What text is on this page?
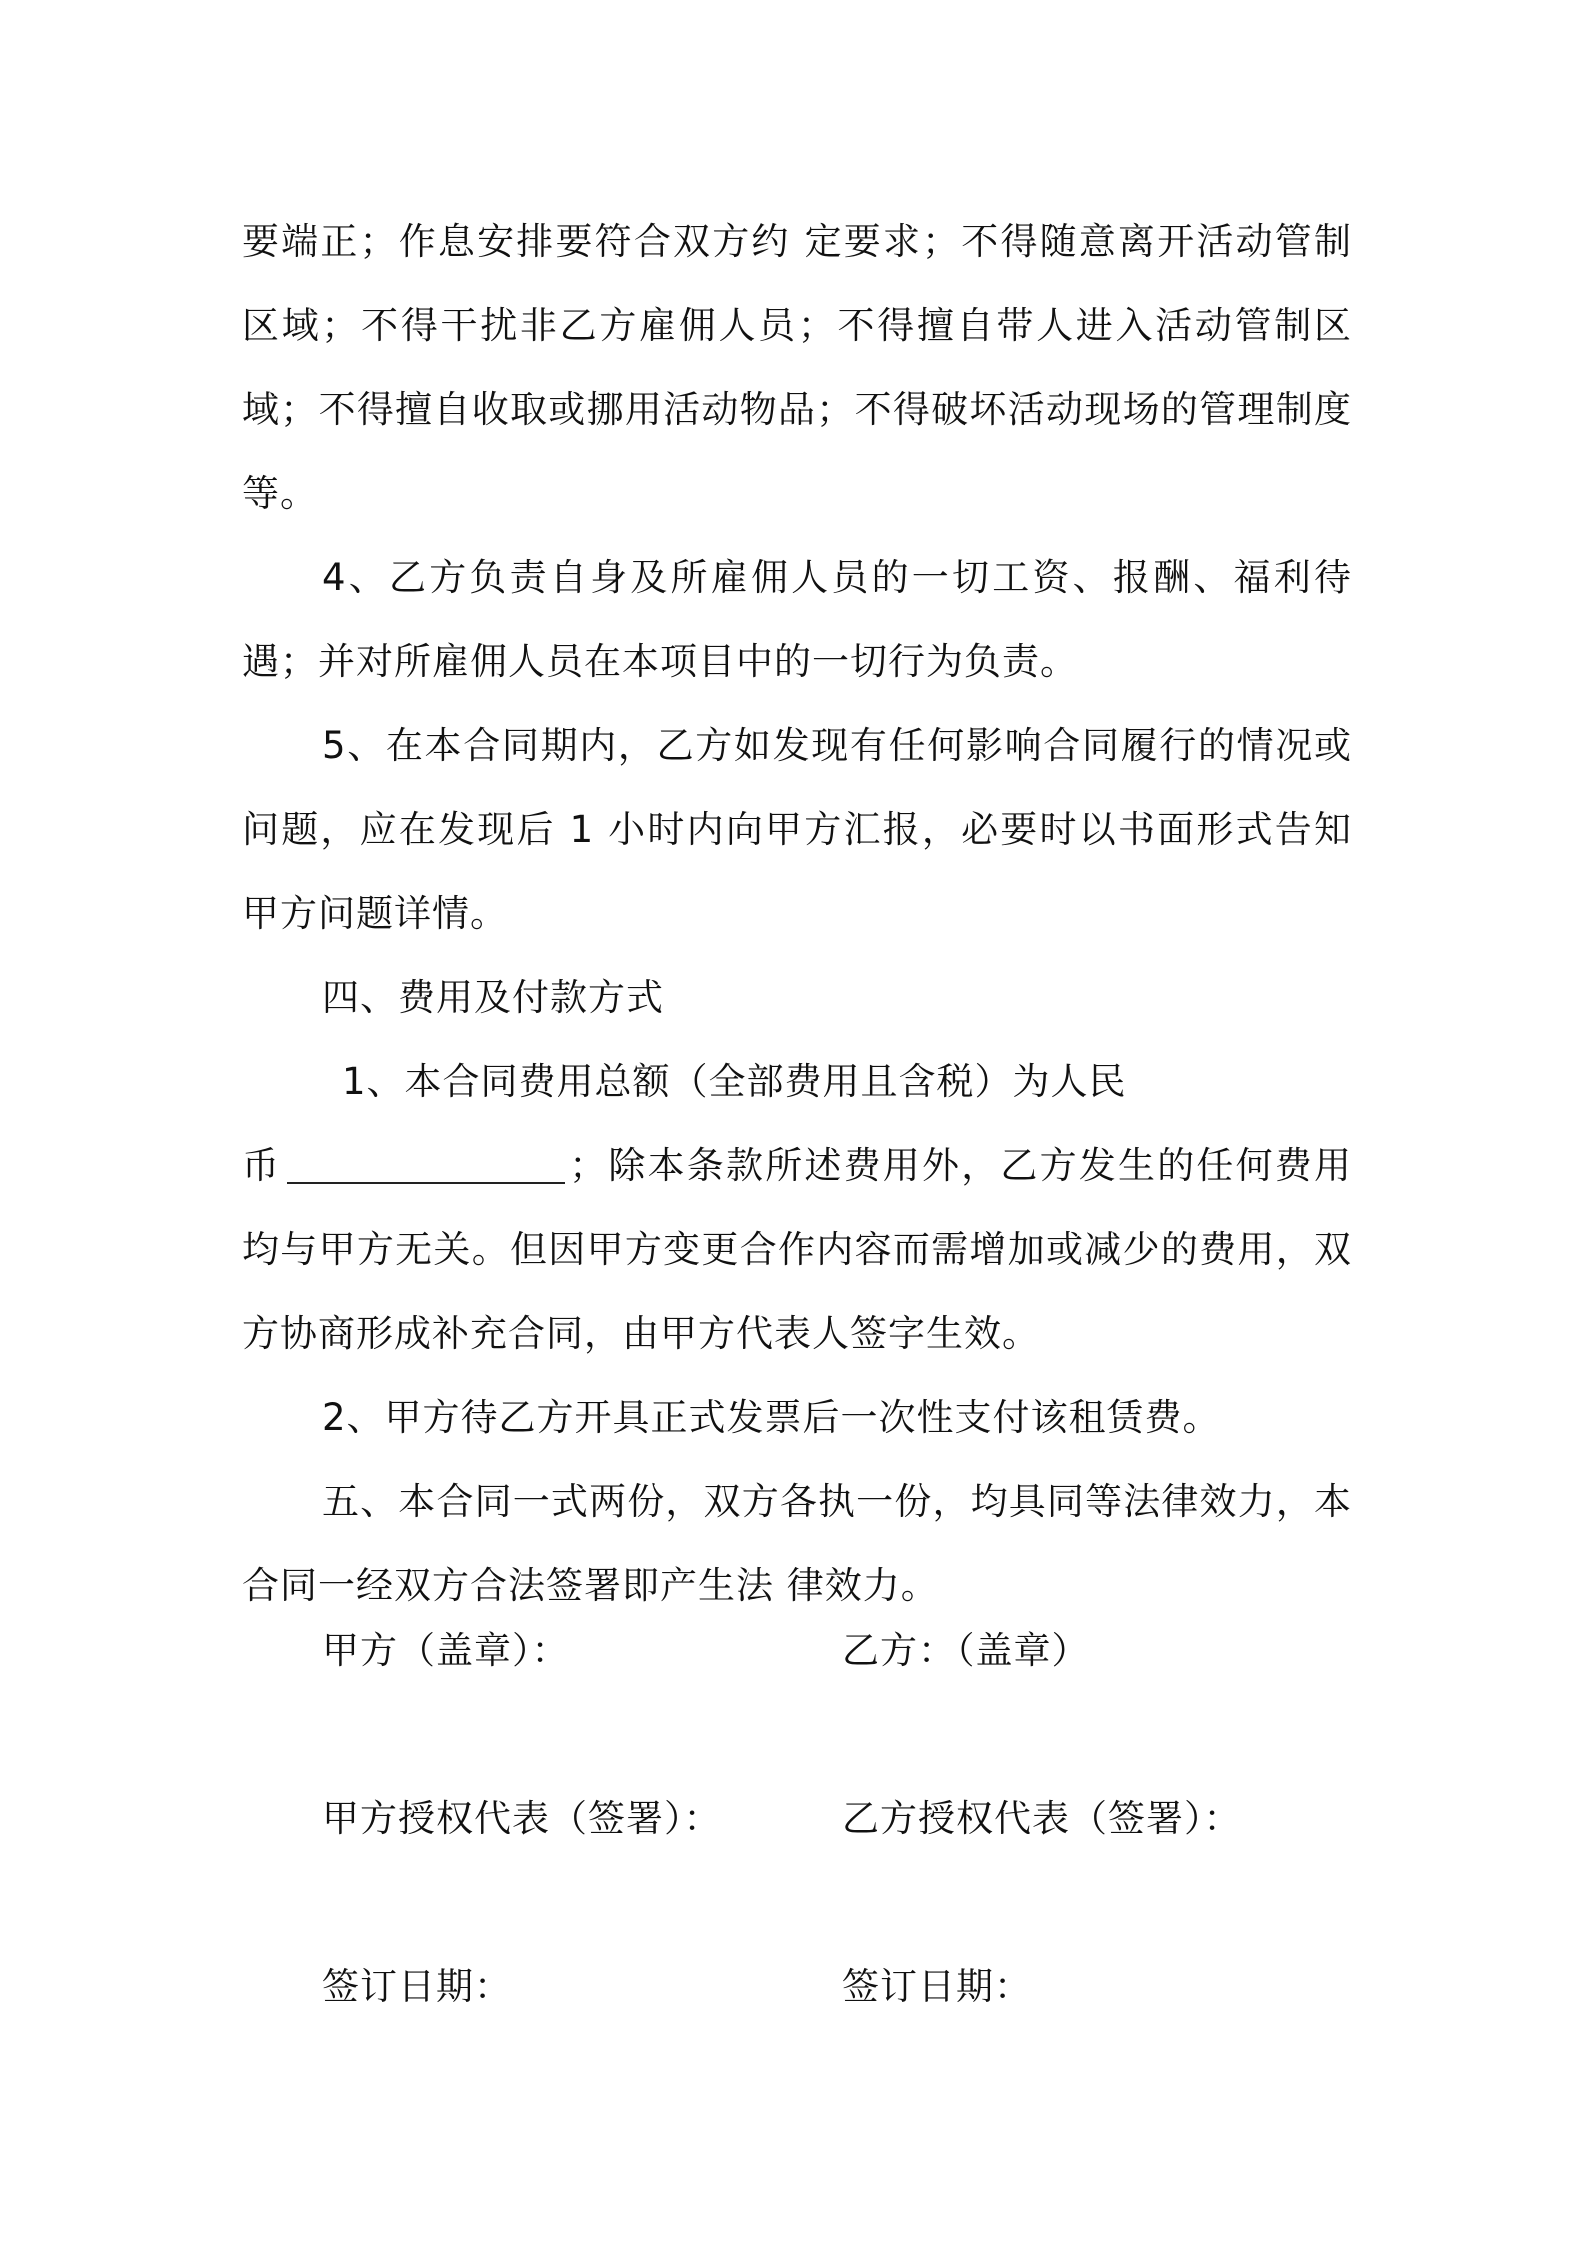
要端正；作息安排要符合双方约 定要求；不得随意离开活动管制区域；不得干扰非乙方雇佣人员；不得擅自带人进入活动管制区域；不得擅自收取或挪用活动物品；不得破坏活动现场的管理制度等。

4、乙方负责自身及所雇佣人员的一切工资、报酬、福利待遇；并对所雇佣人员在本项目中的一切行为负责。

5、在本合同期内，乙方如发现有任何影响合同履行的情况或问题，应在发现后 1 小时内向甲方汇报，必要时以书面形式告知甲方问题详情。

四、费用及付款方式

1、本合同费用总额（全部费用且含税）为人民

币	；除本条款所述费用外，乙方发生的任何费用均与甲方无关。但因甲方变更合作内容而需增加或减少的费用，双方协商形成补充合同，由甲方代表人签字生效。

2、甲方待乙方开具正式发票后一次性支付该租赁费。

五、本合同一式两份，双方各执一份，均具同等法律效力，本合同一经双方合法签署即产生法 律效力。

甲方（盖章）：	乙方：（盖章）
甲方授权代表（签署）：	乙方授权代表（签署）：
签订日期：	签订日期：
